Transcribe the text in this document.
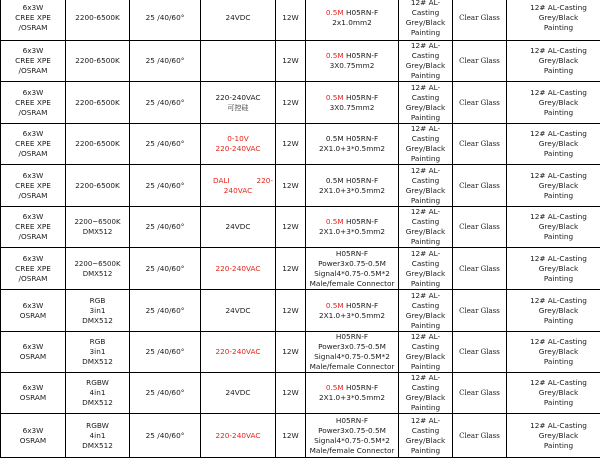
6x3W
CREE XPE
/OSRAM	2200-6500K	25 /40/60°	24VDC	12W	0.5M H05RN-F
2x1.0mm2	12# AL-
Casting
Grey/Black
Painting	Clear Glass	12# AL-Casting
Grey/Black
Painting

6x3W
CREE XPE
/OSRAM	2200-6500K	25 /40/60°		12W	0.5M H05RN-F
3X0.75mm2	12# AL-
Casting
Grey/Black
Painting	Clear Glass	12# AL-Casting
Grey/Black
Painting

6x3W
CREE XPE
/OSRAM	2200-6500K	25 /40/60°	220-240VAC
可控硅	12W	0.5M H05RN-F
3X0.75mm2	12# AL-
Casting
Grey/Black
Painting	Clear Glass	12# AL-Casting
Grey/Black
Painting

6x3W
CREE XPE
/OSRAM	2200-6500K	25 /40/60°	0-10V
220-240VAC	12W	0.5M H05RN-F
2X1.0+3*0.5mm2	12# AL-
Casting
Grey/Black
Painting	Clear Glass	12# AL-Casting
Grey/Black
Painting

6x3W
CREE XPE
/OSRAM	2200-6500K	25 /40/60°	DALI 220-
240VAC	12W	0.5M H05RN-F
2X1.0+3*0.5mm2	12# AL-
Casting
Grey/Black
Painting	Clear Glass	12# AL-Casting
Grey/Black
Painting

6x3W
CREE XPE
/OSRAM	2200~6500K
DMX512	25 /40/60°	24VDC	12W	0.5M H05RN-F
2X1.0+3*0.5mm2	12# AL-
Casting
Grey/Black
Painting	Clear Glass	12# AL-Casting
Grey/Black
Painting

6x3W
CREE XPE
/OSRAM	2200~6500K
DMX512	25 /40/60°	220-240VAC	12W	H05RN-F
Power3x0.75-0.5M
Signal4*0.75-0.5M*2
Male/female Connector	12# AL-
Casting
Grey/Black
Painting	Clear Glass	12# AL-Casting
Grey/Black
Painting

6x3W
OSRAM	RGB
3in1
DMX512	25 /40/60°	24VDC	12W	0.5M H05RN-F
2X1.0+3*0.5mm2	12# AL-
Casting
Grey/Black
Painting	Clear Glass	12# AL-Casting
Grey/Black
Painting

6x3W
OSRAM	RGB
3in1
DMX512	25 /40/60°	220-240VAC	12W	H05RN-F
Power3x0.75-0.5M
Signal4*0.75-0.5M*2
Male/female Connector	12# AL-
Casting
Grey/Black
Painting	Clear Glass	12# AL-Casting
Grey/Black
Painting

6x3W
OSRAM	RGBW
4in1
DMX512	25 /40/60°	24VDC	12W	0.5M H05RN-F
2X1.0+3*0.5mm2	12# AL-
Casting
Grey/Black
Painting	Clear Glass	12# AL-Casting
Grey/Black
Painting

6x3W
OSRAM	RGBW
4in1
DMX512	25 /40/60°	220-240VAC	12W	H05RN-F
Power3x0.75-0.5M
Signal4*0.75-0.5M*2
Male/female Connector	12# AL-
Casting
Grey/Black
Painting	Clear Glass	12# AL-Casting
Grey/Black
Painting
